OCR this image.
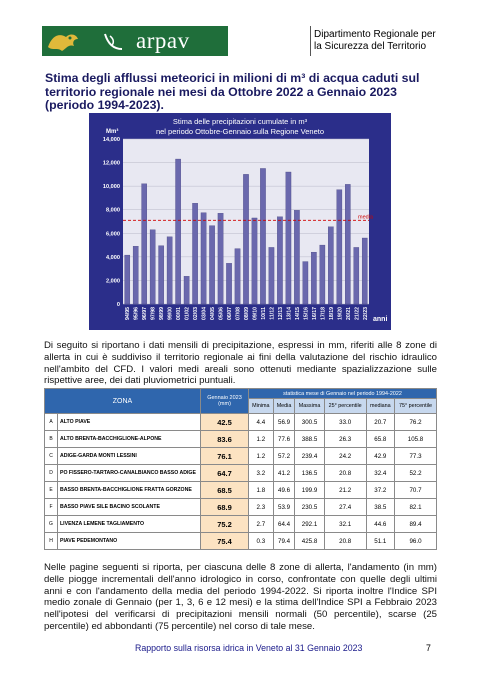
arpav	Dipartimento Regionale per
la Sicurezza del Territorio
Stima degli afflussi meteorici in milioni di m³ di acqua caduti sul territorio regionale nei mesi da Ottobre 2022 a Gennaio 2023 (periodo 1994-2023).
Stima delle precipitazioni cumulate in m³
nel periodo Ottobre-Gennaio sulla Regione Veneto
Mm³
0
2,000
4,000
6,000
8,000
10,000
12,000
14,000
media
94/95 95/96 96/97 97/98 98/99 99/00 00/01 01/02 02/03 03/04 04/05 05/06 06/07 07/08 08/09 09/10 10/11 11/12 12/13 13/14 14/15 15/16 16/17 17/18 18/19 19/20 20/21 21/22 22/23 anni
Di seguito si riportano i dati mensili di precipitazione, espressi in mm, riferiti alle 8 zone di allerta in cui è suddiviso il territorio regionale ai fini della valutazione del rischio idraulico nell'ambito del CFD. I valori medi areali sono ottenuti mediante spazializzazione sulle rispettive aree, dei dati pluviometrici puntuali.
ZONA		Gennaio 2023 (mm)	statistica mese di Gennaio nel periodo 1994-2022					
			Minima	Media	Massima	25° percentile	mediana	75° percentile
A	ALTO PIAVE	42.5	4.4	56.9	300.5	33.0	20.7	76.2
B	ALTO BRENTA-BACCHIGLIONE-ALPONE	83.6	1.2	77.6	388.5	26.3	65.8	105.8
C	ADIGE-GARDA MONTI LESSINI	76.1	1.2	57.2	239.4	24.2	42.9	77.3
D	PO FISSERO-TARTARO-CANALBIANCO BASSO ADIGE	64.7	3.2	41.2	136.5	20.8	32.4	52.2
E	BASSO BRENTA-BACCHIGLIONE FRATTA GORZONE	68.5	1.8	49.6	199.9	21.2	37.2	70.7
F	BASSO PIAVE SILE BACINO SCOLANTE	68.9	2.3	53.9	230.5	27.4	38.5	82.1
G	LIVENZA LEMENE TAGLIAMENTO	75.2	2.7	64.4	292.1	32.1	44.6	89.4
H	PIAVE PEDEMONTANO	75.4	0.3	79.4	425.8	20.8	51.1	96.0
Nelle pagine seguenti si riporta, per ciascuna delle 8 zone di allerta, l'andamento (in mm) delle piogge incrementali dell'anno idrologico in corso, confrontate con quelle degli ultimi anni e con l'andamento della media del periodo 1994-2022. Si riporta inoltre l'Indice SPI medio zonale di Gennaio (per 1, 3, 6 e 12 mesi) e la stima dell'Indice SPI a Febbraio 2023 nell'ipotesi del verificarsi di precipitazioni mensili normali (50 percentile), scarse (25 percentile) ed abbondanti (75 percentile) nel corso di tale mese.
Rapporto sulla risorsa idrica in Veneto al 31 Gennaio 2023	7
